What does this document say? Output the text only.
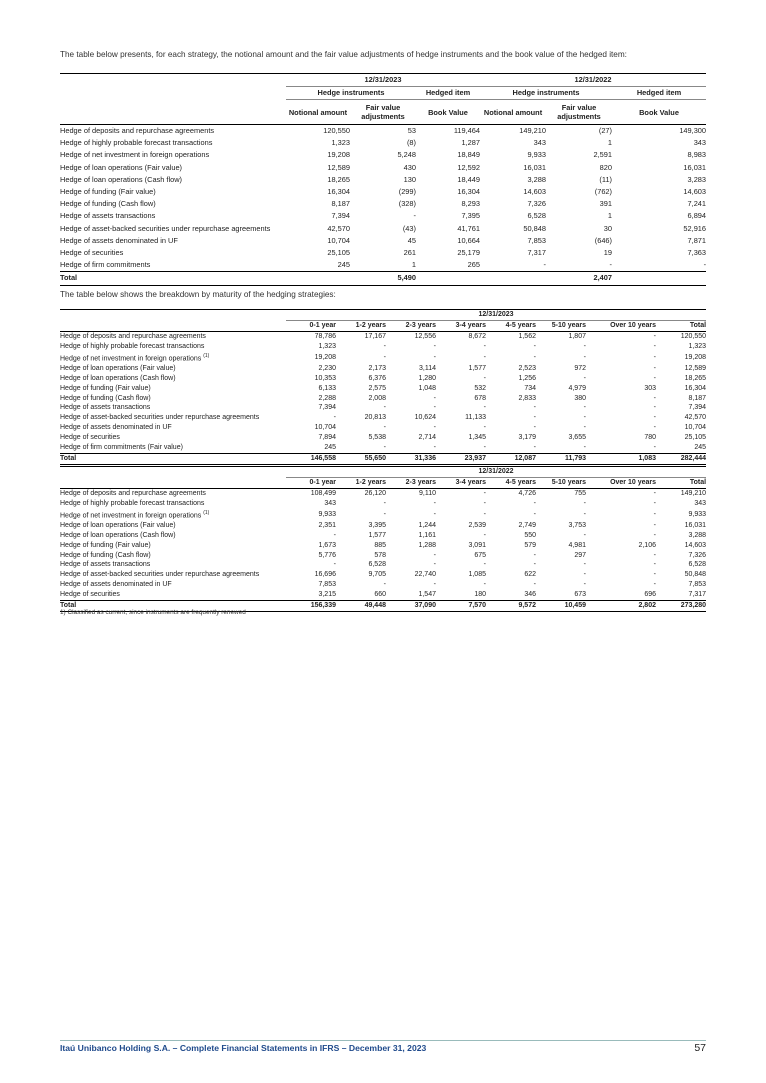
The table below presents, for each strategy, the notional amount and the fair value adjustments of hedge instruments and the book value of the hedged item:
	12/31/2023			12/31/2022		
	Hedge instruments		Hedged item	Hedge instruments		Hedged item
	Notional amount	Fair value adjustments	Book Value	Notional amount	Fair value adjustments	Book Value
Hedge of deposits and repurchase agreements	120,550	53	119,464	149,210	(27)	149,300
Hedge of highly probable forecast transactions	1,323	(8)	1,287	343	1	343
Hedge of net investment in foreign operations	19,208	5,248	18,849	9,933	2,591	8,983
Hedge of loan operations (Fair value)	12,589	430	12,592	16,031	820	16,031
Hedge of loan operations (Cash flow)	18,265	130	18,449	3,288	(11)	3,283
Hedge of funding (Fair value)	16,304	(299)	16,304	14,603	(762)	14,603
Hedge of funding (Cash flow)	8,187	(328)	8,293	7,326	391	7,241
Hedge of assets transactions	7,394	-	7,395	6,528	1	6,894
Hedge of asset-backed securities under repurchase agreements	42,570	(43)	41,761	50,848	30	52,916
Hedge of assets denominated in UF	10,704	45	10,664	7,853	(646)	7,871
Hedge of securities	25,105	261	25,179	7,317	19	7,363
Hedge of firm commitments	245	1	265	-	-	-
Total		5,490			2,407	
The table below shows the breakdown by maturity of the hedging strategies:
	12/31/2023							
	0-1 year	1-2 years	2-3 years	3-4 years	4-5 years	5-10 years	Over 10 years	Total
Hedge of deposits and repurchase agreements	78,786	17,167	12,556	8,672	1,562	1,807	-	120,550
Hedge of highly probable forecast transactions	1,323	-	-	-	-	-	-	1,323
Hedge of net investment in foreign operations $^{(1)}$	19,208	-	-	-	-	-	-	19,208
Hedge of loan operations (Fair value)	2,230	2,173	3,114	1,577	2,523	972	-	12,589
Hedge of loan operations (Cash flow)	10,353	6,376	1,280	-	1,256	-	-	18,265
Hedge of funding (Fair value)	6,133	2,575	1,048	532	734	4,979	303	16,304
Hedge of funding (Cash flow)	2,288	2,008	-	678	2,833	380	-	8,187
Hedge of assets transactions	7,394	-	-	-	-	-	-	7,394
Hedge of asset-backed securities under repurchase agreements	-	20,813	10,624	11,133	-	-	-	42,570
Hedge of assets denominated in UF	10,704	-	-	-	-	-	-	10,704
Hedge of securities	7,894	5,538	2,714	1,345	3,179	3,655	780	25,105
Hedge of firm commitments (Fair value)	245	-	-	-	-	-	-	245
Total	146,558	55,650	31,336	23,937	12,087	11,793	1,083	282,444
	12/31/2022							
	0-1 year	1-2 years	2-3 years	3-4 years	4-5 years	5-10 years	Over 10 years	Total
Hedge of deposits and repurchase agreements	108,499	26,120	9,110	-	4,726	755	-	149,210
Hedge of highly probable forecast transactions	343	-	-	-	-	-	-	343
Hedge of net investment in foreign operations $^{(1)}$	9,933	-	-	-	-	-	-	9,933
Hedge of loan operations (Fair value)	2,351	3,395	1,244	2,539	2,749	3,753	-	16,031
Hedge of loan operations (Cash flow)	-	1,577	1,161	-	550	-	-	3,288
Hedge of funding (Fair value)	1,673	885	1,288	3,091	579	4,981	2,106	14,603
Hedge of funding (Cash flow)	5,776	578	-	675	-	297	-	7,326
Hedge of assets transactions	-	6,528	-	-	-	-	-	6,528
Hedge of asset-backed securities under repurchase agreements	16,696	9,705	22,740	1,085	622	-	-	50,848
Hedge of assets denominated in UF	7,853	-	-	-	-	-	-	7,853
Hedge of securities	3,215	660	1,547	180	346	673	696	7,317
Total	156,339	49,448	37,090	7,570	9,572	10,459	2,802	273,280
1) Classified as current, since instruments are frequently renewed
Itaú Unibanco Holding S.A. – Complete Financial Statements in IFRS – December 31, 2023	57
